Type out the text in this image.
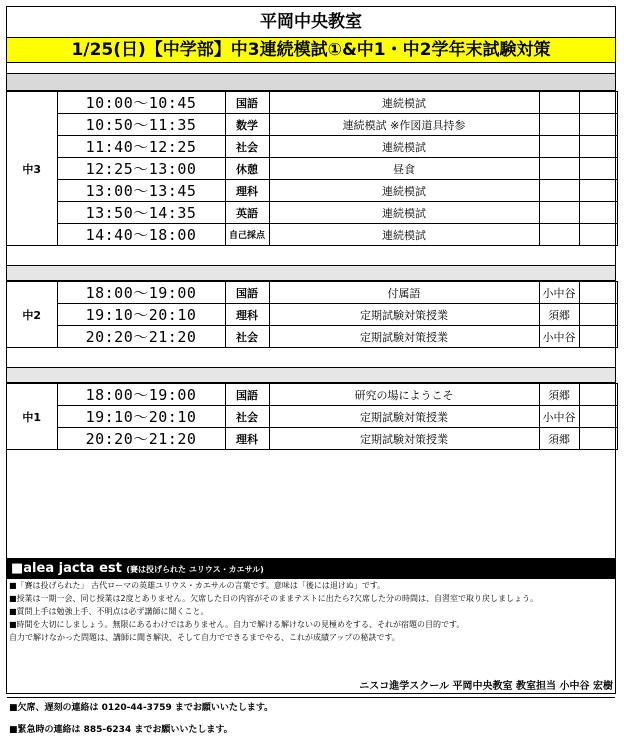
平岡中央教室
1/25(日)【中学部】中3連続模試①&中1・中2学年末試験対策
中3	10:00～10:45	国語	連続模試		
	10:50～11:35	数学	連続模試 ※作図道具持参		
	11:40～12:25	社会	連続模試		
	12:25～13:00	休憩	昼食		
	13:00～13:45	理科	連続模試		
	13:50～14:35	英語	連続模試		
	14:40～18:00	自己採点	連続模試		
中2	18:00～19:00	国語	付属語	小中谷	
	19:10～20:10	理科	定期試験対策授業	須郷	
	20:20～21:20	社会	定期試験対策授業	小中谷	
中1	18:00～19:00	国語	研究の場にようこそ	須郷	
	19:10～20:10	社会	定期試験対策授業	小中谷	
	20:20～21:20	理科	定期試験対策授業	須郷	
■alea jacta est (賽は投げられた ユリウス・カエサル)
■「賽は投げられた」 古代ローマの英雄ユリウス・カエサルの言葉です。意味は「後には退けぬ」です。
■授業は一期一会、同じ授業は2度とありません。欠席した日の内容がそのままテストに出たら?欠席した分の時間は、自習室で取り戻しましょう。
■質問上手は勉強上手、不明点は必ず講師に聞くこと。
■時間を大切にしましょう。無限にあるわけではありません。自力で解ける解けないの見極めをする、それが宿題の目的です。
自力で解けなかった問題は、講師に聞き解決、そして自力でできるまでやる、これが成績アップの秘訣です。
■欠席、遅刻の連絡は 0120-44-3759 までお願いいたします。
■緊急時の連絡は 885-6234 までお願いいたします。
ニスコ進学スクール 平岡中央教室 教室担当 小中谷 宏樹
